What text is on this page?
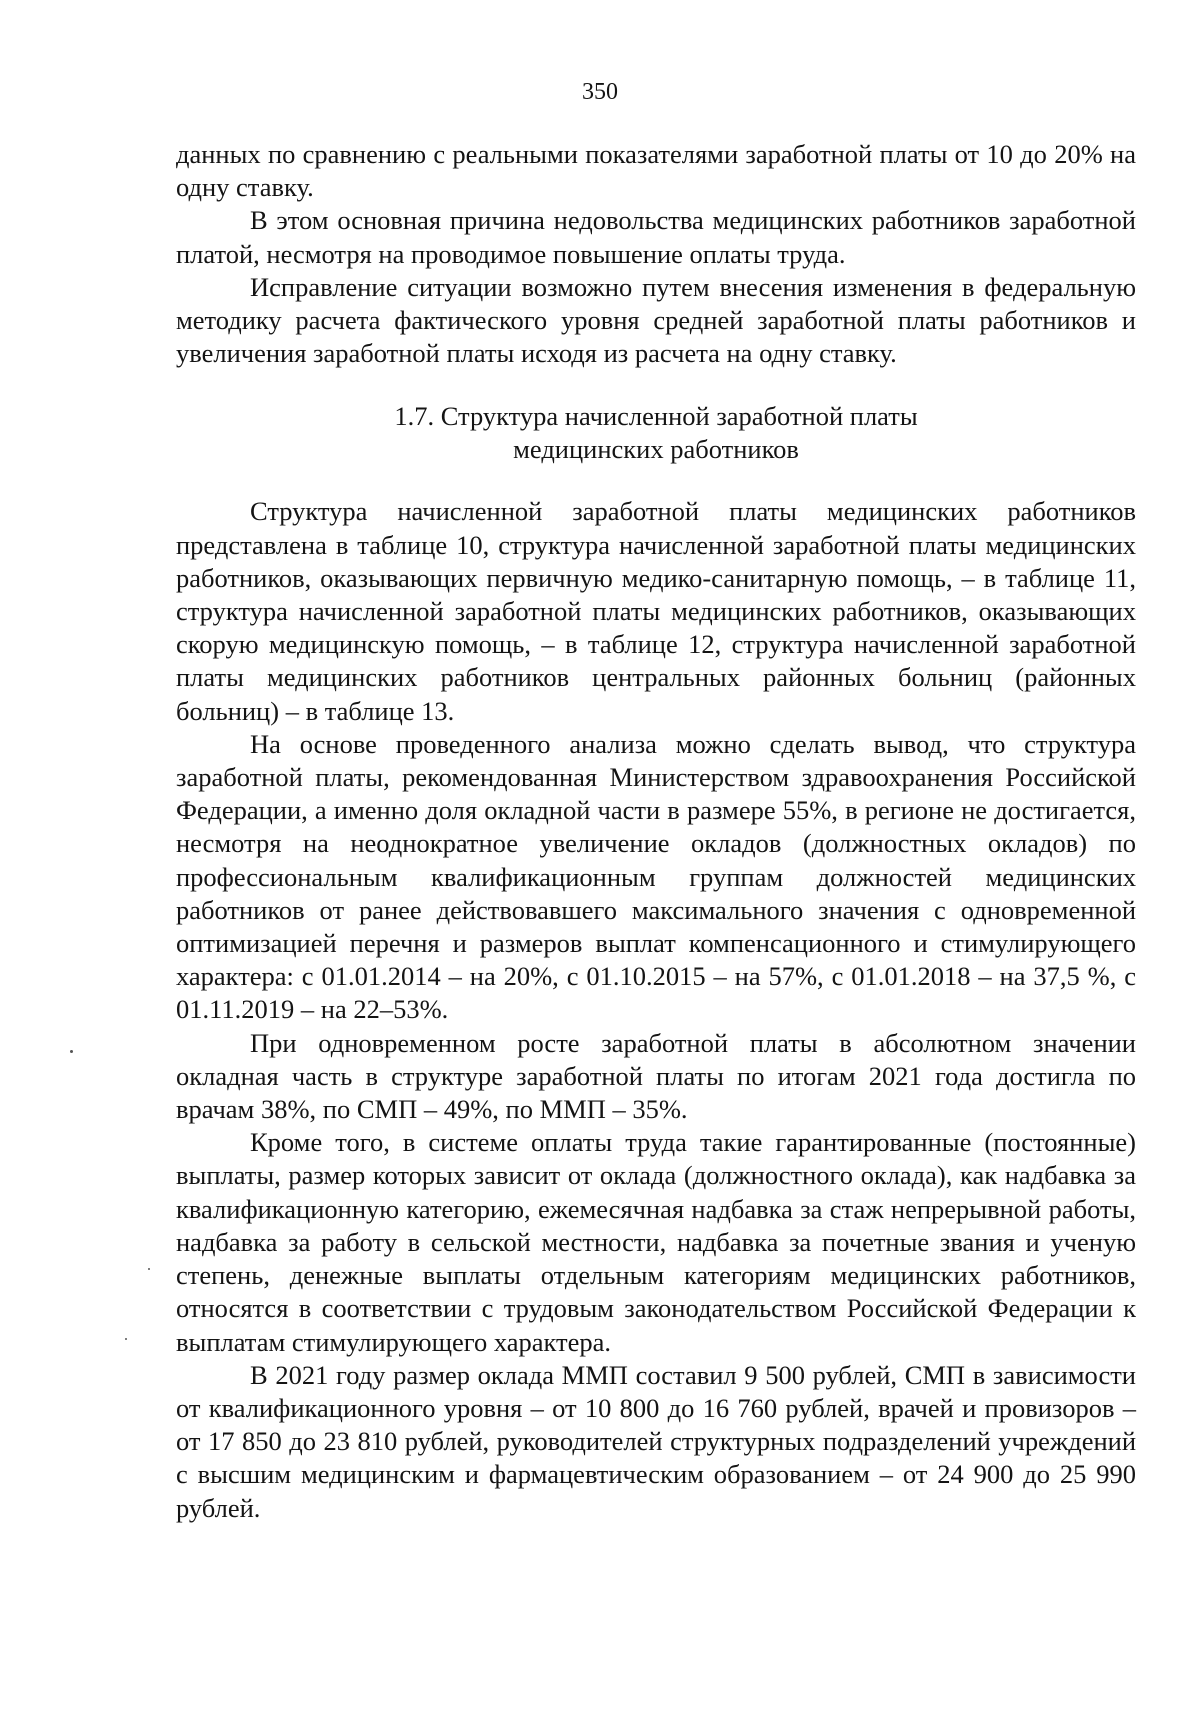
350

данных по сравнению с реальными показателями заработной платы от 10 до 20% на одну ставку.

В этом основная причина недовольства медицинских работников заработной платой, несмотря на проводимое повышение оплаты труда.

Исправление ситуации возможно путем внесения изменения в федеральную методику расчета фактического уровня средней заработной платы работников и увеличения заработной платы исходя из расчета на одну ставку.

1.7. Структура начисленной заработной платы
медицинских работников

Структура начисленной заработной платы медицинских работников представлена в таблице 10, структура начисленной заработной платы медицинских работников, оказывающих первичную медико-санитарную помощь, – в таблице 11, структура начисленной заработной платы медицинских работников, оказывающих скорую медицинскую помощь, – в таблице 12, структура начисленной заработной платы медицинских работников центральных районных больниц (районных больниц) – в таблице 13.

На основе проведенного анализа можно сделать вывод, что структура заработной платы, рекомендованная Министерством здравоохранения Российской Федерации, а именно доля окладной части в размере 55%, в регионе не достигается, несмотря на неоднократное увеличение окладов (должностных окладов) по профессиональным квалификационным группам должностей медицинских работников от ранее действовавшего максимального значения с одновременной оптимизацией перечня и размеров выплат компенсационного и стимулирующего характера: с 01.01.2014 – на 20%, с 01.10.2015 – на 57%, с 01.01.2018 – на 37,5 %, с 01.11.2019 – на 22–53%.

При одновременном росте заработной платы в абсолютном значении окладная часть в структуре заработной платы по итогам 2021 года достигла по врачам 38%, по СМП – 49%, по ММП – 35%.

Кроме того, в системе оплаты труда такие гарантированные (постоянные) выплаты, размер которых зависит от оклада (должностного оклада), как надбавка за квалификационную категорию, ежемесячная надбавка за стаж непрерывной работы, надбавка за работу в сельской местности, надбавка за почетные звания и ученую степень, денежные выплаты отдельным категориям медицинских работников, относятся в соответствии с трудовым законодательством Российской Федерации к выплатам стимулирующего характера.

В 2021 году размер оклада ММП составил 9 500 рублей, СМП в зависимости от квалификационного уровня – от 10 800 до 16 760 рублей, врачей и провизоров – от 17 850 до 23 810 рублей, руководителей структурных подразделений учреждений с высшим медицинским и фармацевтическим образованием – от 24 900 до 25 990 рублей.
